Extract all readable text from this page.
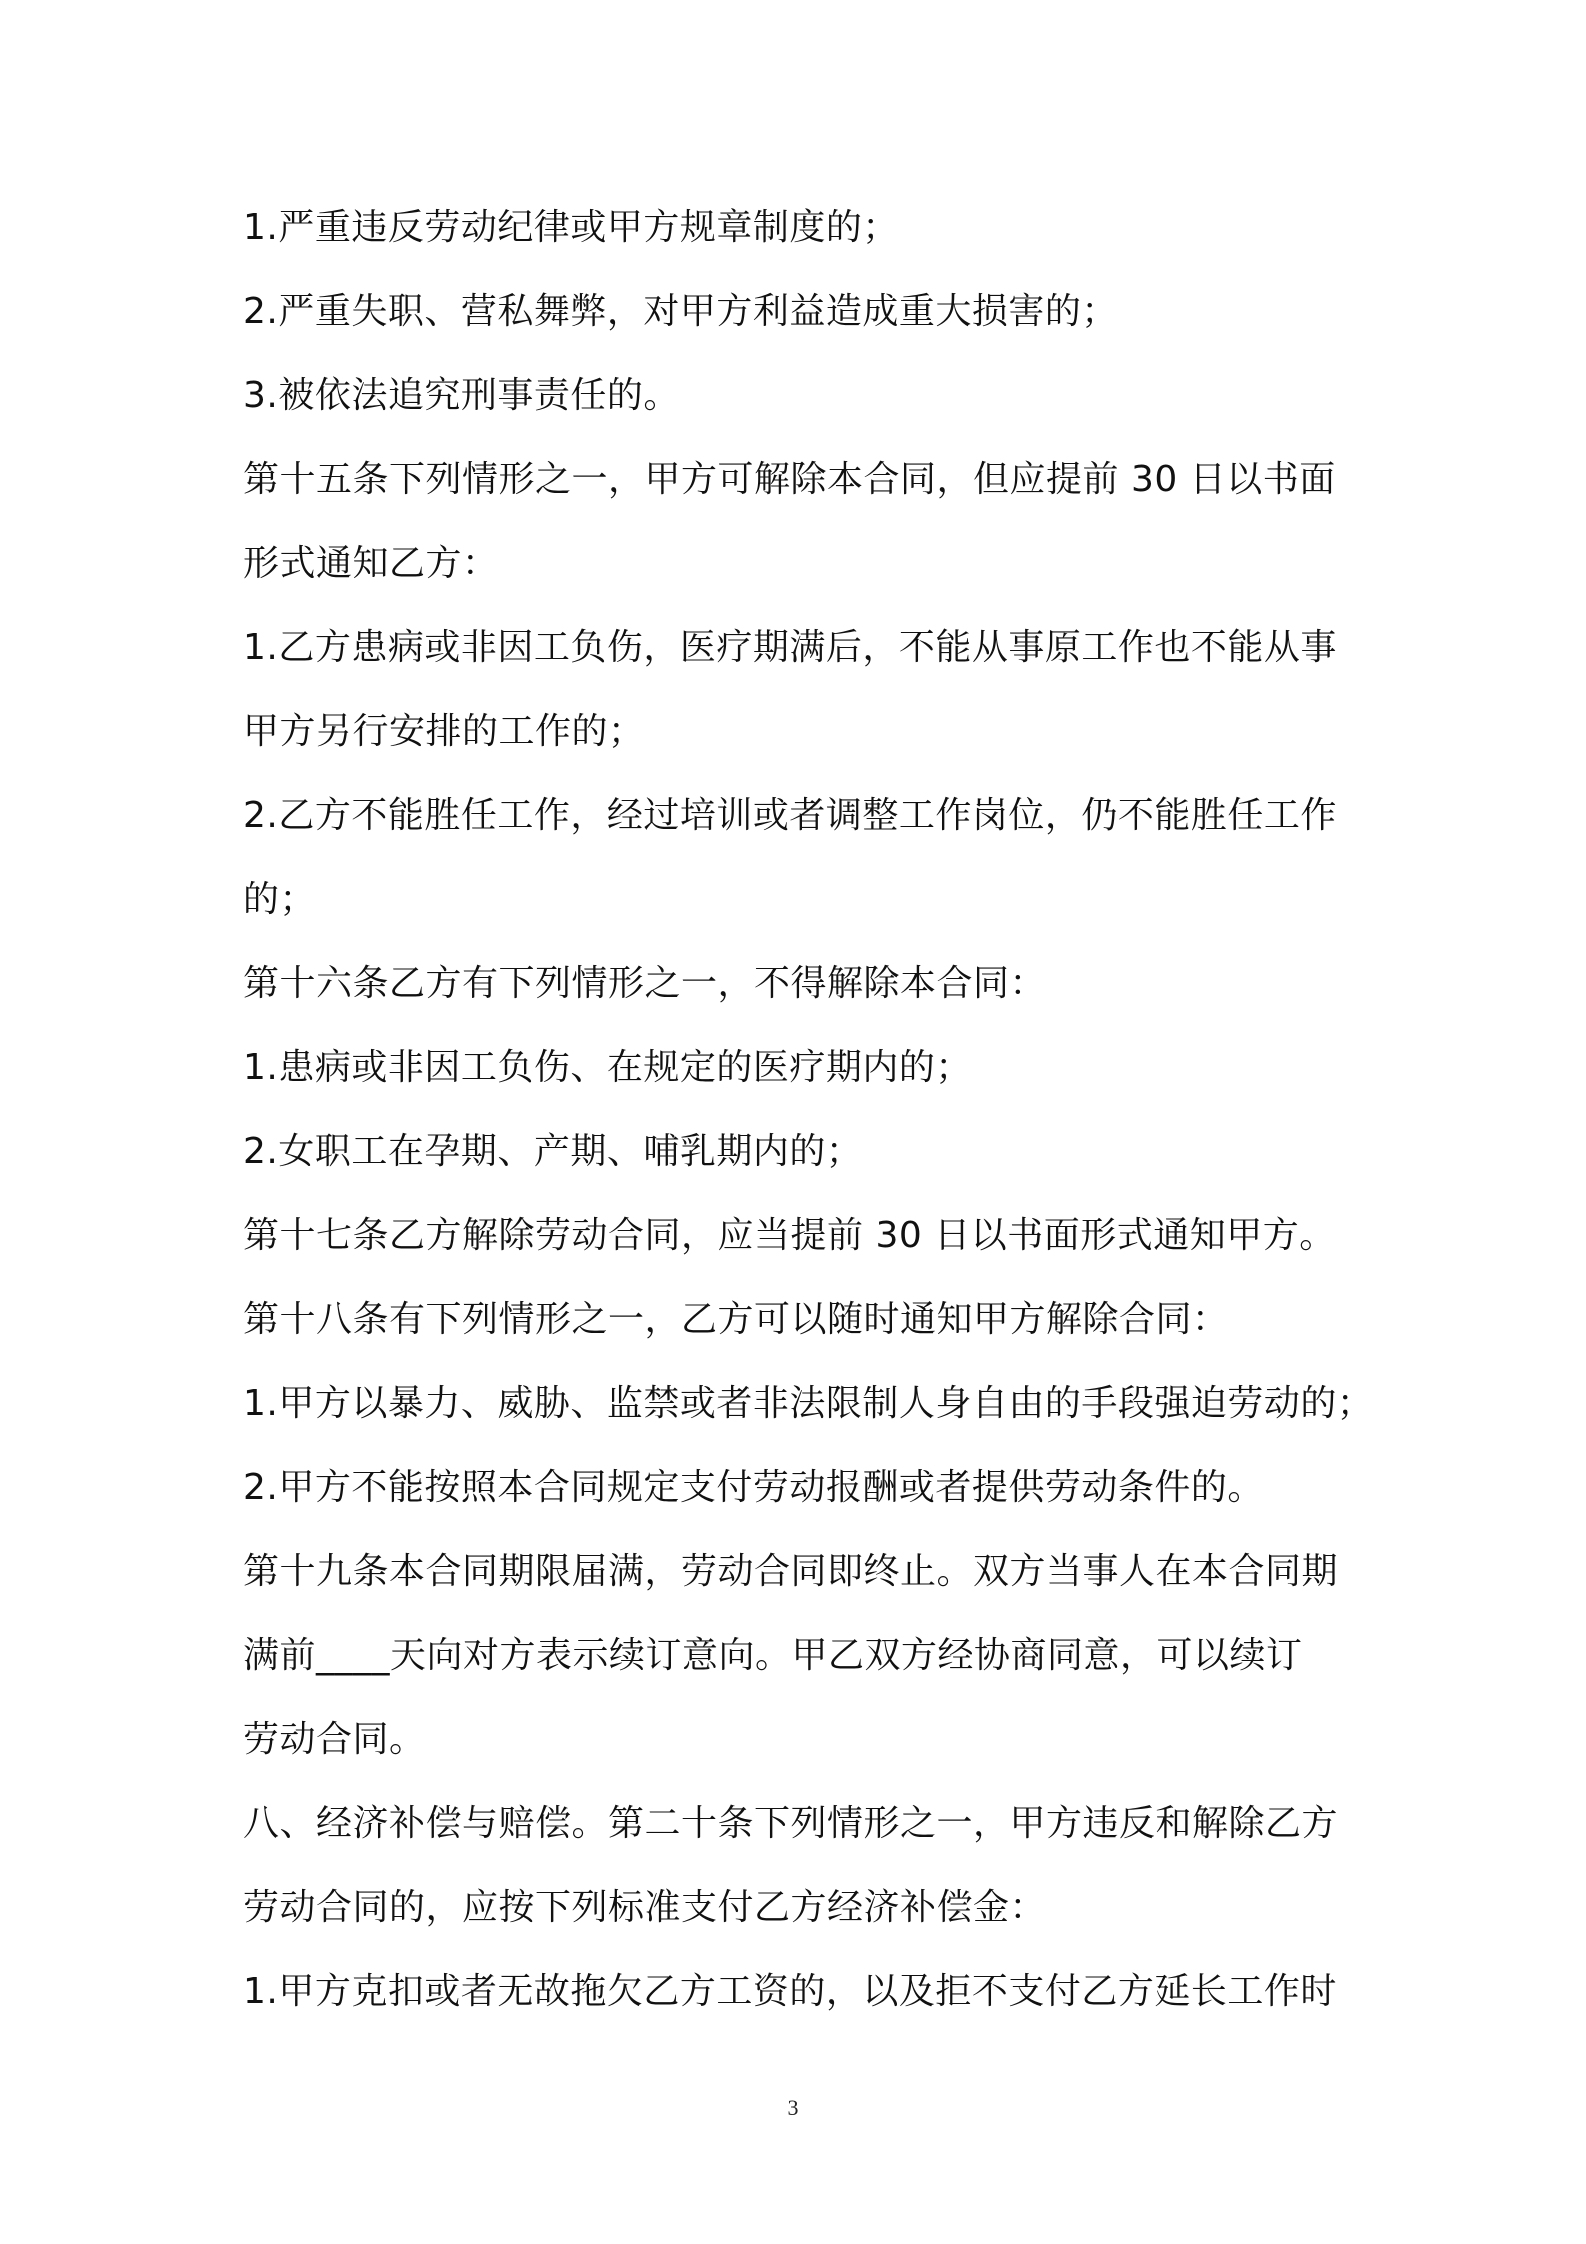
1.严重违反劳动纪律或甲方规章制度的；
2.严重失职、营私舞弊，对甲方利益造成重大损害的；
3.被依法追究刑事责任的。
第十五条下列情形之一，甲方可解除本合同，但应提前 30 日以书面
形式通知乙方：
1.乙方患病或非因工负伤，医疗期满后，不能从事原工作也不能从事
甲方另行安排的工作的；
2.乙方不能胜任工作，经过培训或者调整工作岗位，仍不能胜任工作
的；
第十六条乙方有下列情形之一，不得解除本合同：
1.患病或非因工负伤、在规定的医疗期内的；
2.女职工在孕期、产期、哺乳期内的；
第十七条乙方解除劳动合同，应当提前 30 日以书面形式通知甲方。
第十八条有下列情形之一，乙方可以随时通知甲方解除合同：
1.甲方以暴力、威胁、监禁或者非法限制人身自由的手段强迫劳动的；
2.甲方不能按照本合同规定支付劳动报酬或者提供劳动条件的。
第十九条本合同期限届满，劳动合同即终止。双方当事人在本合同期
满前____天向对方表示续订意向。甲乙双方经协商同意，可以续订
劳动合同。
八、经济补偿与赔偿。第二十条下列情形之一，甲方违反和解除乙方
劳动合同的，应按下列标准支付乙方经济补偿金：
1.甲方克扣或者无故拖欠乙方工资的，以及拒不支付乙方延长工作时
3
